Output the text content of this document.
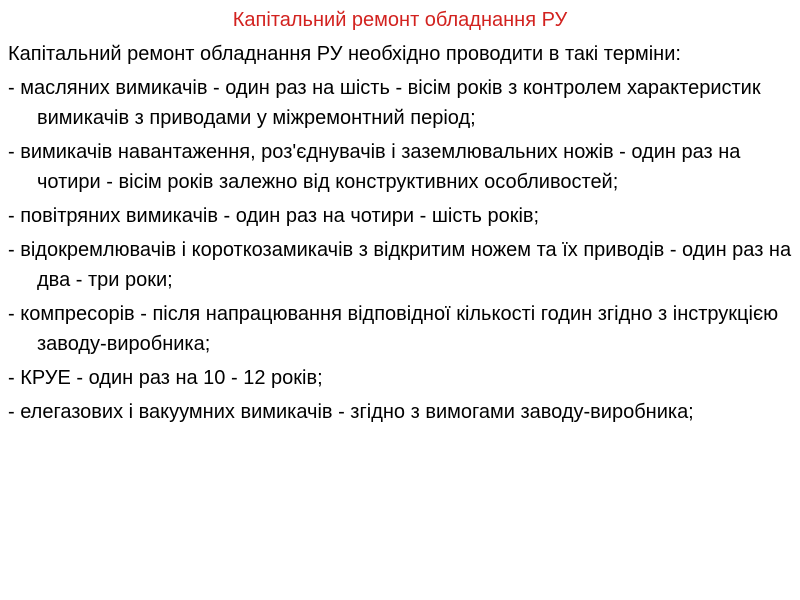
Капітальний ремонт обладнання РУ

Капітальний ремонт обладнання РУ необхідно проводити в такі терміни:

- масляних вимикачів - один раз на шість - вісім років з контролем характеристик вимикачів з приводами у міжремонтний період;

- вимикачів навантаження, роз'єднувачів і заземлювальних ножів - один раз на чотири - вісім років залежно від конструктивних особливостей;

- повітряних вимикачів - один раз на чотири - шість років;

- відокремлювачів і короткозамикачів з відкритим ножем та їх приводів - один раз на два - три роки;

- компресорів - після напрацювання відповідної кількості годин згідно з інструкцією заводу-виробника;

- КРУЕ - один раз на 10 - 12 років;

- елегазових і вакуумних вимикачів - згідно з вимогами заводу-виробника;
